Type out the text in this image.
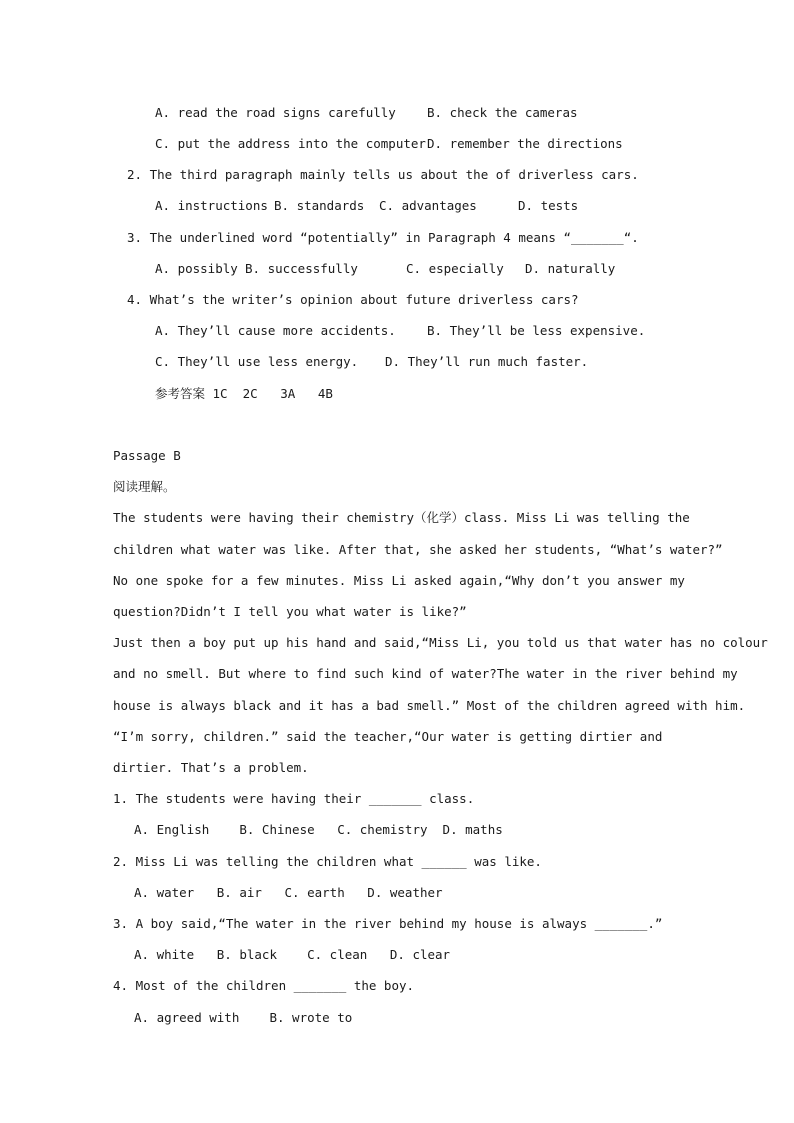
A. read the road signs carefully B. check the cameras
C. put the address into the computer D. remember the directions
2. The third paragraph mainly tells us about the of driverless cars.
A. instructions B. standards C. advantages	D. tests
3. The underlined word “potentially” in Paragraph 4 means “_______“.
A. possibly B. successfully	C. especially D. naturally
4. What’s the writer’s opinion about future driverless cars?
A. They’ll cause more accidents. B. They’ll be less expensive.
C. They’ll use less energy. D. They’ll run much faster.
参考答案 1C  2C   3A   4B
Passage B
阅读理解。
The students were having their chemistry（化学）class. Miss Li was telling the
children what water was like. After that, she asked her students, “What’s water?”
No one spoke for a few minutes. Miss Li asked again,“Why don’t you answer my
question?Didn’t I tell you what water is like?”
Just then a boy put up his hand and said,“Miss Li, you told us that water has no colour
and no smell. But where to find such kind of water?The water in the river behind my
house is always black and it has a bad smell.” Most of the children agreed with him.
“I’m sorry, children.” said the teacher,“Our water is getting dirtier and
dirtier. That’s a problem.
1. The students were having their _______ class.
A. English    B. Chinese   C. chemistry  D. maths
2. Miss Li was telling the children what ______ was like.
A. water   B. air   C. earth   D. weather
3. A boy said,“The water in the river behind my house is always _______.”
A. white   B. black    C. clean   D. clear
4. Most of the children _______ the boy.
A. agreed with    B. wrote to
